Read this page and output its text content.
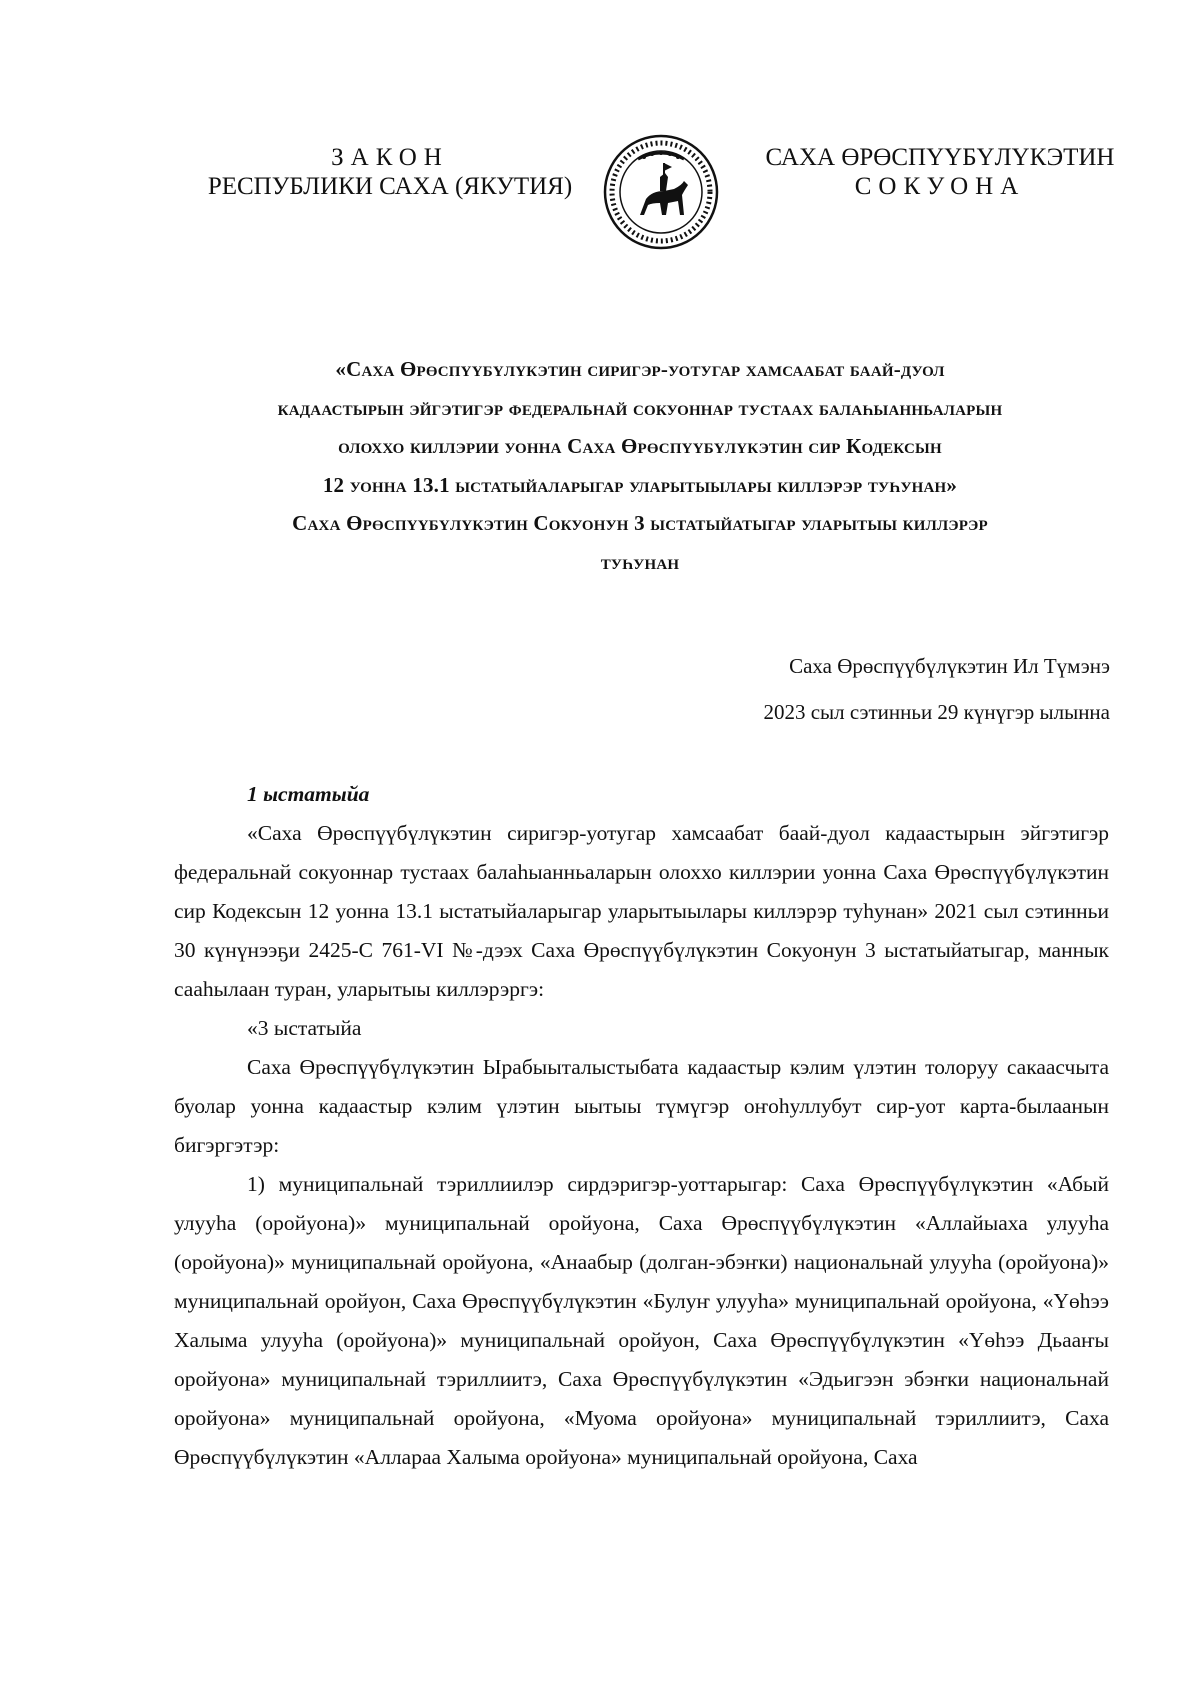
ЗАКОН
РЕСПУБЛИКИ САХА (ЯКУТИЯ)
САХА ӨРӨСПҮҮБҮЛҮКЭТИН
СОКУОНА
«Саха Өрөспүүбүлүкэтин сиригэр-уотугар хамсаабат баай-дуол
кадаастырын эйгэтигэр федеральнай сокуоннар тустаах балаһыанньаларын
олоххо киллэрии уонна Саха Өрөспүүбүлүкэтин сир Кодексын
12 уонна 13.1 ыстатыйаларыгар уларытыылары киллэрэр туһунан»
Саха Өрөспүүбүлүкэтин Сокуонун 3 ыстатыйатыгар уларытыы киллэрэр
туһунан
Саха Өрөспүүбүлүкэтин Ил Түмэнэ
2023 сыл сэтинньи 29 күнүгэр ылынна
1 ыстатыйа

«Саха Өрөспүүбүлүкэтин сиригэр-уотугар хамсаабат баай-дуол кадаастырын эйгэтигэр федеральнай сокуоннар тустаах балаһыанньаларын олоххо киллэрии уонна Саха Өрөспүүбүлүкэтин сир Кодексын 12 уонна 13.1 ыстатыйаларыгар уларытыылары киллэрэр туһунан» 2021 сыл сэтинньи 30 күнүнээҕи 2425-С 761-VI №-дээх Саха Өрөспүүбүлүкэтин Сокуонун 3 ыстатыйатыгар, маннык сааһылаан туран, уларытыы киллэрэргэ:

«3 ыстатыйа

Саха Өрөспүүбүлүкэтин Ырабыыталыстыбата кадаастыр кэлим үлэтин толоруу сакаасчыта буолар уонна кадаастыр кэлим үлэтин ыытыы түмүгэр оҥоһуллубут сир-уот карта-былаанын бигэргэтэр:

1) муниципальнай тэриллиилэр сирдэригэр-уоттарыгар: Саха Өрөспүүбүлүкэтин «Абый улууһа (оройуона)» муниципальнай оройуона, Саха Өрөспүүбүлүкэтин «Аллайыаха улууһа (оройуона)» муниципальнай оройуона, «Анаабыр (долган-эбэҥки) национальнай улууһа (оройуона)» муниципальнай оройуон, Саха Өрөспүүбүлүкэтин «Булуҥ улууһа» муниципальнай оройуона, «Үөһээ Халыма улууһа (оройуона)» муниципальнай оройуон, Саха Өрөспүүбүлүкэтин «Үөһээ Дьааҥы оройуона» муниципальнай тэриллиитэ, Саха Өрөспүүбүлүкэтин «Эдьигээн эбэҥки национальнай оройуона» муниципальнай оройуона, «Муома оройуона» муниципальнай тэриллиитэ, Саха Өрөспүүбүлүкэтин «Аллараа Халыма оройуона» муниципальнай оройуона, Саха
